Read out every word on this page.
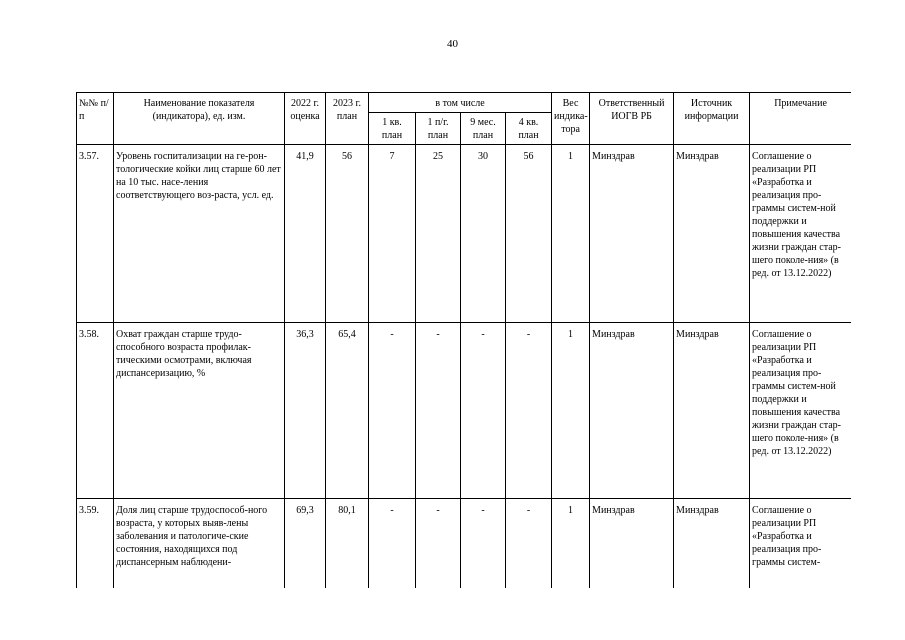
40
№№ п/п	Наименование показателя (индикатора), ед. изм.	2022 г. оценка	2023 г. план	в том числе				Вес индика-тора	Ответственный ИОГВ РБ	Источник информации	Примечание
				1 кв. план	1 п/г. план	9 мес. план	4 кв. план				
3.57.	Уровень госпитализации на ге-ронтологические койки лиц старше 60 лет на 10 тыс. насе-ления соответствующего воз-раста, усл. ед.	41,9	56	7	25	30	56	1	Минздрав	Минздрав	Соглашение о реализации РП «Разработка и реализация про-граммы систем-ной поддержки и повышения качества жизни граждан стар-шего поколе-ния» (в ред. от 13.12.2022)
3.58.	Охват граждан старше трудо-способного возраста профилак-тическими осмотрами, включая диспансеризацию, %	36,3	65,4	-	-	-	-	1	Минздрав	Минздрав	Соглашение о реализации РП «Разработка и реализация про-граммы систем-ной поддержки и повышения качества жизни граждан стар-шего поколе-ния» (в ред. от 13.12.2022)
3.59.	Доля лиц старше трудоспособ-ного возраста, у которых выяв-лены заболевания и патологиче-ские состояния, находящихся под диспансерным наблюдени-	69,3	80,1	-	-	-	-	1	Минздрав	Минздрав	Соглашение о реализации РП «Разработка и реализация про-граммы систем-
